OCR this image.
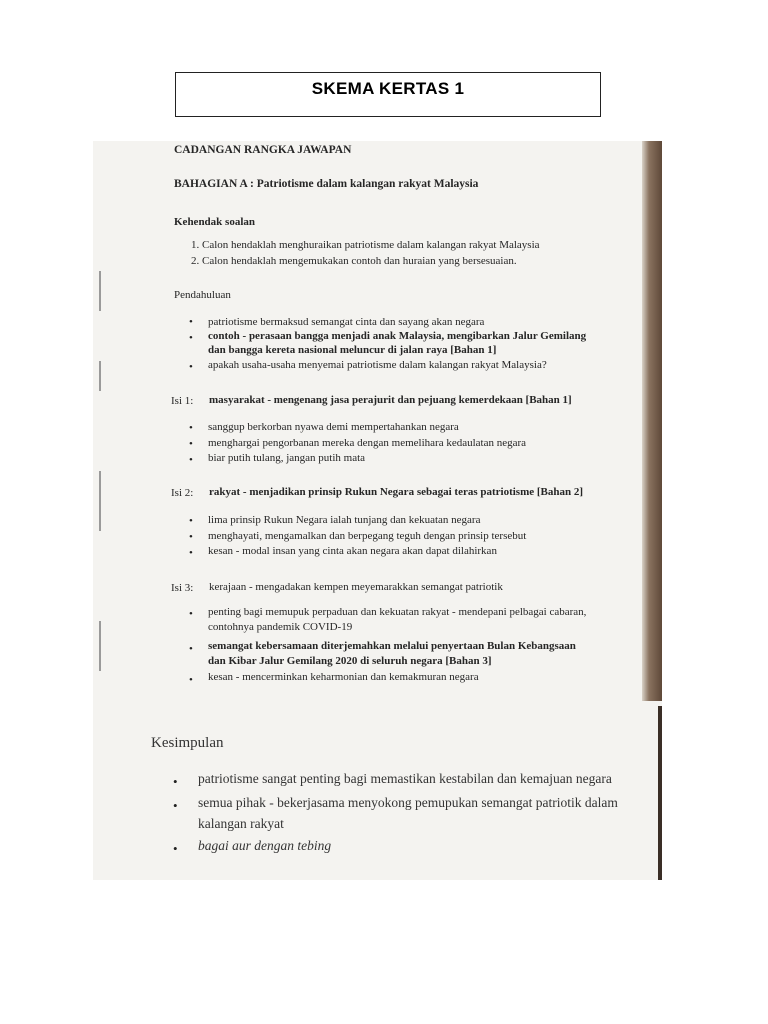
SKEMA KERTAS 1
CADANGAN RANGKA JAWAPAN
BAHAGIAN A : Patriotisme dalam kalangan rakyat Malaysia
Kehendak soalan
1. Calon hendaklah menghuraikan patriotisme dalam kalangan rakyat Malaysia
2. Calon hendaklah mengemukakan contoh dan huraian yang bersesuaian.
Pendahuluan
• patriotisme bermaksud semangat cinta dan sayang akan negara
• contoh - perasaan bangga menjadi anak Malaysia, mengibarkan Jalur Gemilang
dan bangga kereta nasional meluncur di jalan raya [Bahan 1]
• apakah usaha-usaha menyemai patriotisme dalam kalangan rakyat Malaysia?
Isi 1: masyarakat - mengenang jasa perajurit dan pejuang kemerdekaan [Bahan 1]
• sanggup berkorban nyawa demi mempertahankan negara
• menghargai pengorbanan mereka dengan memelihara kedaulatan negara
• biar putih tulang, jangan putih mata
Isi 2: rakyat - menjadikan prinsip Rukun Negara sebagai teras patriotisme [Bahan 2]
• lima prinsip Rukun Negara ialah tunjang dan kekuatan negara
• menghayati, mengamalkan dan berpegang teguh dengan prinsip tersebut
• kesan - modal insan yang cinta akan negara akan dapat dilahirkan
Isi 3: kerajaan - mengadakan kempen meyemarakkan semangat patriotik
• penting bagi memupuk perpaduan dan kekuatan rakyat - mendepani pelbagai cabaran,
contohnya pandemik COVID-19
• semangat kebersamaan diterjemahkan melalui penyertaan Bulan Kebangsaan
dan Kibar Jalur Gemilang 2020 di seluruh negara [Bahan 3]
• kesan - mencerminkan keharmonian dan kemakmuran negara
Kesimpulan
• patriotisme sangat penting bagi memastikan kestabilan dan kemajuan negara
• semua pihak - bekerjasama menyokong pemupukan semangat patriotik dalam
kalangan rakyat
• bagai aur dengan tebing
